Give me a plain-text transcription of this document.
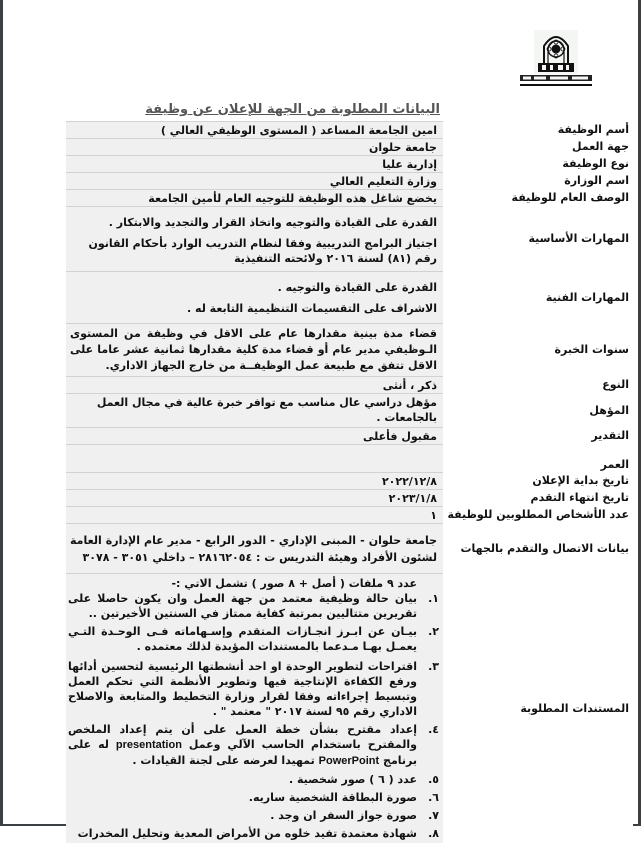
البيانات المطلوبة من الجهة للإعلان عن وظيفة
أسم الوظيفة
امين الجامعة المساعد ( المستوى الوظيفي العالي )
جهة العمل
جامعة حلوان
نوع الوظيفة
إدارية عليا
اسم الوزارة
وزارة التعليم العالي
الوصف العام للوظيفة
يخضع شاغل هذه الوظيفة للتوجيه العام لأمين الجامعة
المهارات الأساسية

القدرة على القيادة والتوجيه واتخاذ القرار والتجديد والابتكار .

اجتياز البرامج التدريبية وفقا لنظام التدريب الوارد بأحكام القانون رقم (٨١) لسنة ٢٠١٦ ولائحته التنفيذية

المهارات الفنية

القدرة على القيادة والتوجيه .

الاشراف على التقسيمات التنظيمية التابعة له .

سنوات الخبرة
قضاء مدة بينية مقدارها عام على الاقل في وظيفة من المستوى الـوظيفي مدير عام أو قضاء مدة كلية مقدارها ثمانية عشر عاما على الاقل تتفق مع طبيعة عمل الوظيفــة من خارج الجهاز الاداري.
النوع
ذكر ، أنثى
المؤهل
مؤهل دراسي عال مناسب مع توافر خبرة عالية في مجال العمل بالجامعات .
التقدير
مقبول فأعلى
العمر
تاريخ بداية الإعلان
٢٠٢٢/١٢/٨
تاريخ انتهاء التقدم
٢٠٢٣/١/٨
عدد الأشخاص المطلوبين للوظيفة
١
بيانات الاتصال والتقدم بالجهات
جامعة حلوان - المبنى الإداري - الدور الرابع - مدير عام الإدارة العامة لشئون الأفراد وهيئة التدريس ت : ٢٨١٦٢٠٥٤ – داخلي ٣٠٥١ - ٣٠٧٨
المستندات المطلوبة

عدد ٩ ملفات ( أصل + ٨ صور ) تشمل الاتي :-

١.
بيان حالة وظيفية معتمد من جهة العمل وان يكون حاصلا على تقريرين متتاليين بمرتبة كفاية ممتاز في السنتين الأخيرتين ..
٢.
بيـان عن ابـرز انجـازات المتقدم وإسـهاماته فـى الوحـدة التـي يعمـل بهـا مـدعما بالمستندات المؤيدة لذلك معتمده .
٣.
اقتراحات لتطوير الوحدة او احد أنشطتها الرئيسية لتحسين أدائها ورفع الكفاءة الإنتاجية فيها وتطوير الأنظمة التي تحكم العمل وتبسيط إجراءاته وفقا لقرار وزارة التخطيط والمتابعة والاصلاح الاداري رقم ٩٥ لسنة ٢٠١٧ " معتمد " .
٤.
إعداد مقترح بشأن خطة العمل على أن يتم إعداد الملخص والمقترح باستخدام الحاسب الآلي وعمل presentation له على برنامج PowerPoint تمهيدا لعرضه على لجنة القيادات .
٥.
عدد ( ٦ ) صور شخصية .
٦.
صورة البطاقة الشخصية ساريه.
٧.
صورة جواز السفر ان وجد .
٨.
شهادة معتمدة تفيد خلوه من الأمراض المعدية وتحليل المخدرات
